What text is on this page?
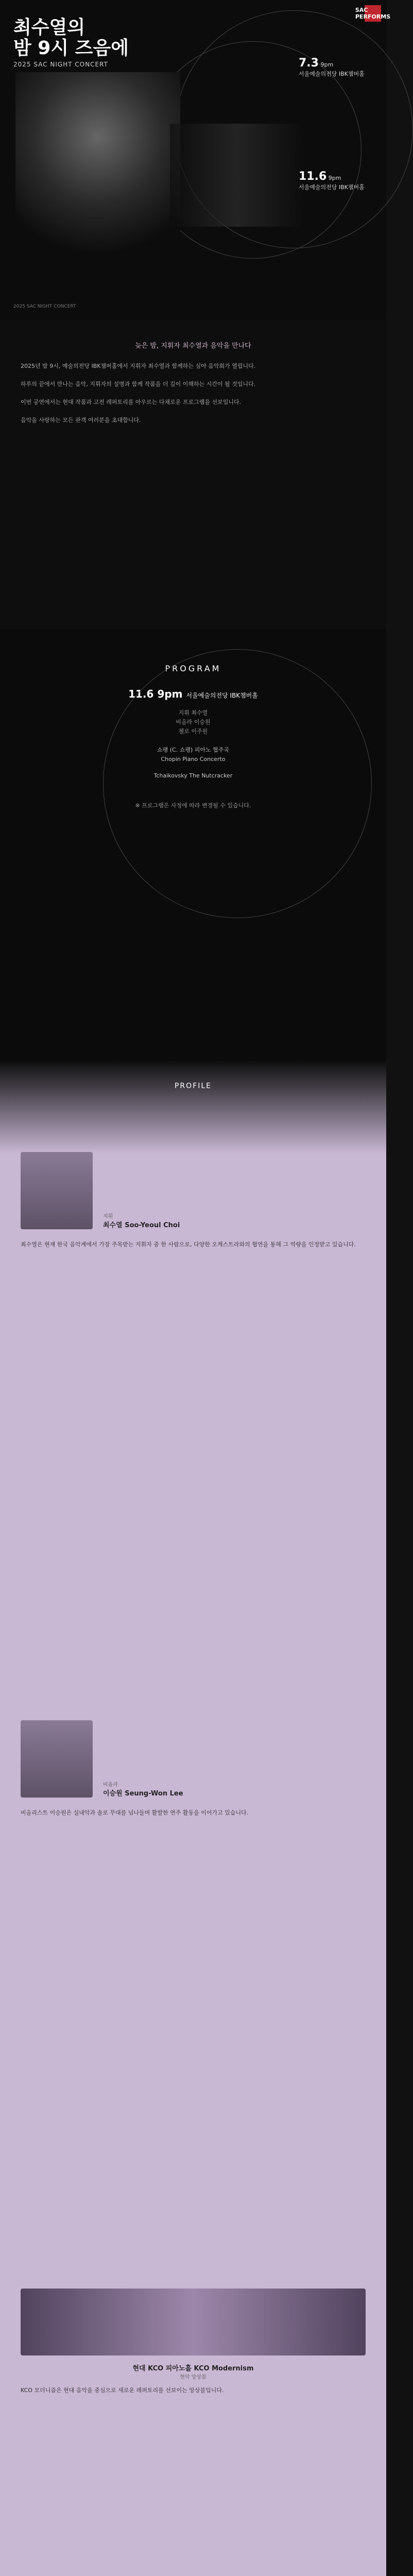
SAC PERFORMS
최수열의
밤 9시 즈음에
2025 SAC NIGHT CONCERT	7.3 9pm
서울예술의전당 IBK챔버홀
11.6 9pm
서울예술의전당 IBK챔버홀
2025 SAC NIGHT CONCERT
늦은 밤, 지휘자 최수열과 음악을 만나다

2025년 밤 9시, 예술의전당 IBK챔버홀에서 지휘자 최수열과 함께하는 심야 음악회가 열립니다.

하루의 끝에서 만나는 음악, 지휘자의 설명과 함께 작품을 더 깊이 이해하는 시간이 될 것입니다.

이번 공연에서는 현대 작품과 고전 레퍼토리를 아우르는 다채로운 프로그램을 선보입니다.

음악을 사랑하는 모든 관객 여러분을 초대합니다.

PROGRAM
11.6 9pm 서울예술의전당 IBK챔버홀
지휘 최수열
비올라 이승원
첼로 이주원
쇼팽 (C. 쇼팽) 피아노 협주곡
Chopin Piano Concerto
Tchaikovsky The Nutcracker
※ 프로그램은 사정에 따라 변경될 수 있습니다.
PROFILE
지휘
최수열 Soo-Yeoul Choi

최수열은 현재 한국 음악계에서 가장 주목받는 지휘자 중 한 사람으로, 다양한 오케스트라와의 협연을 통해 그 역량을 인정받고 있습니다.

비올라
이승원 Seung-Won Lee

비올리스트 이승원은 실내악과 솔로 무대를 넘나들며 활발한 연주 활동을 이어가고 있습니다.

현대 KCO 피아노홀 KCO Modernism
현악 앙상블

KCO 모더니즘은 현대 음악을 중심으로 새로운 레퍼토리를 선보이는 앙상블입니다.
